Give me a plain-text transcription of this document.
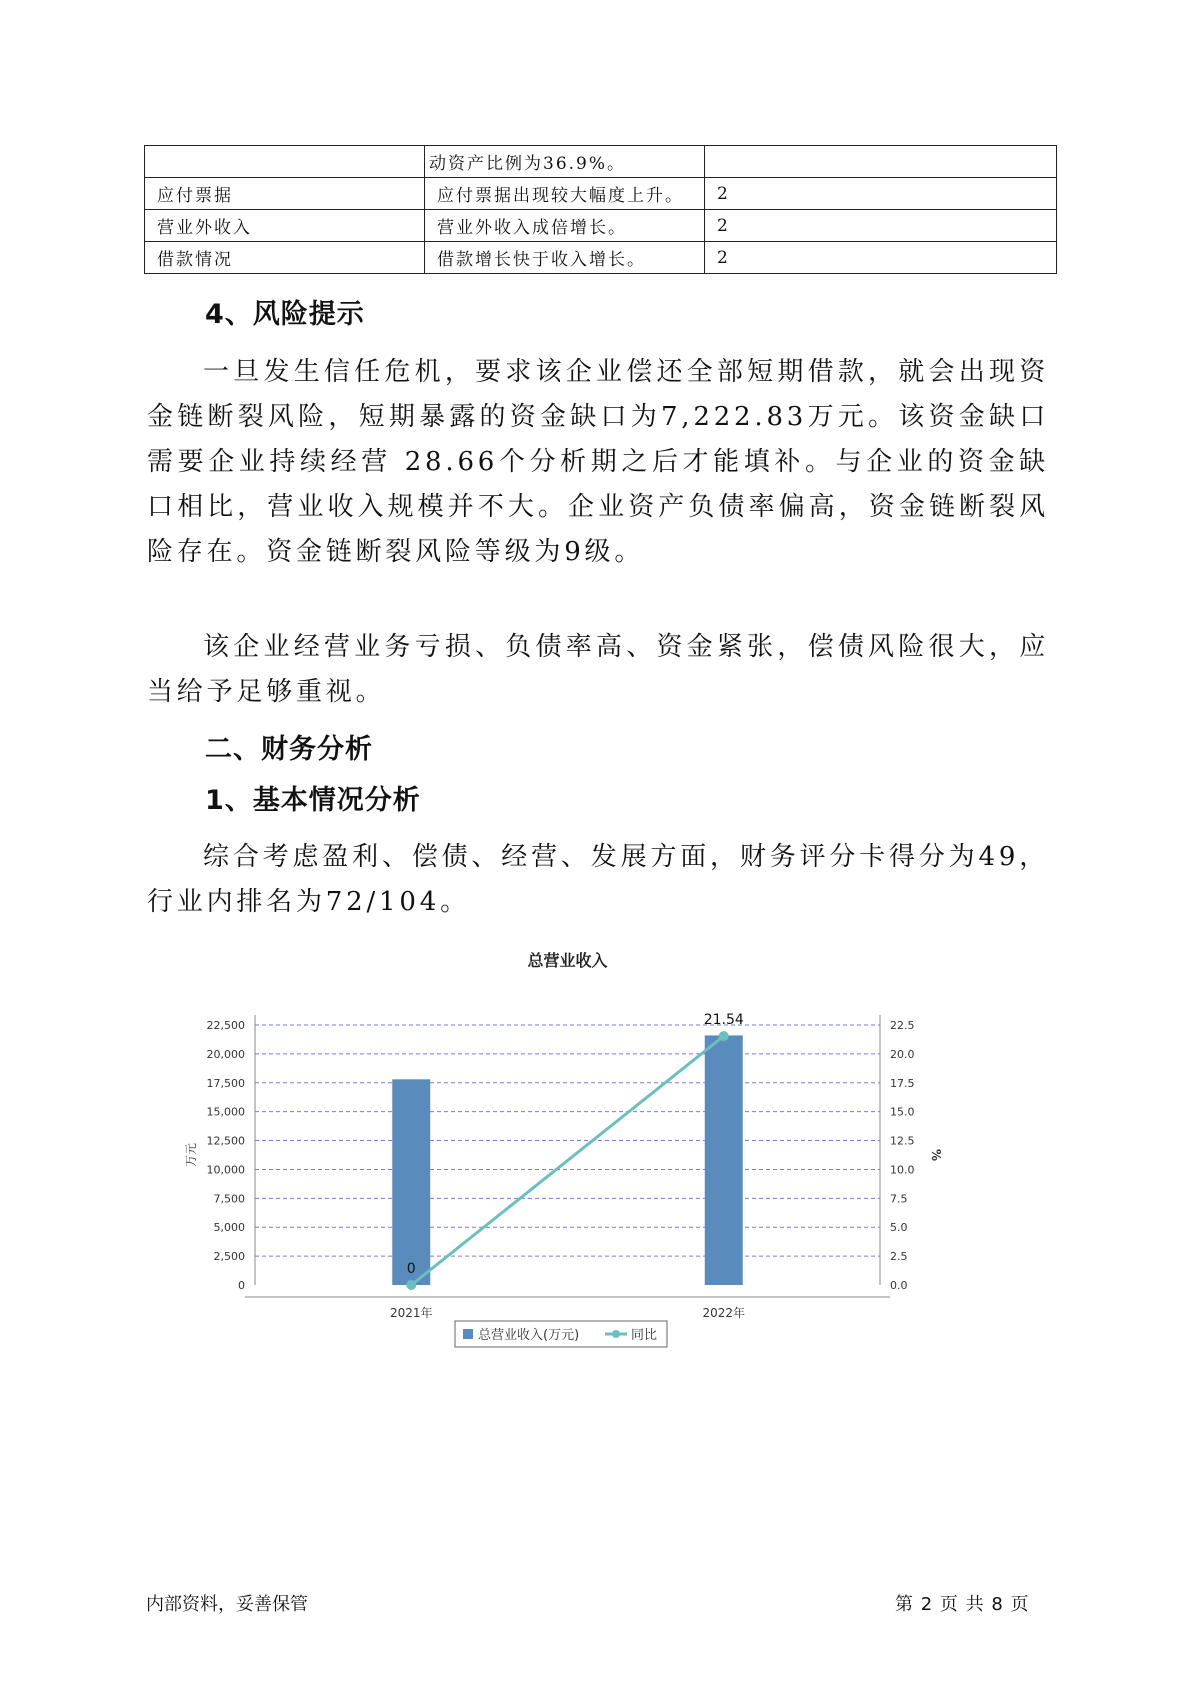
	动资产比例为36.9%。	
应付票据	应付票据出现较大幅度上升。	2
营业外收入	营业外收入成倍增长。	2
借款情况	借款增长快于收入增长。	2
4、风险提示

一旦发生信任危机，要求该企业偿还全部短期借款，就会出现资金链断裂风险，短期暴露的资金缺口为7,222.83万元。该资金缺口需要企业持续经营 28.66个分析期之后才能填补。与企业的资金缺口相比，营业收入规模并不大。企业资产负债率偏高，资金链断裂风险存在。资金链断裂风险等级为9级。

该企业经营业务亏损、负债率高、资金紧张，偿债风险很大，应当给予足够重视。

二、财务分析
1、基本情况分析

综合考虑盈利、偿债、经营、发展方面，财务评分卡得分为49，行业内排名为72/104。

总营业收入
0	0.0
2,500	2.5
5,000	5.0
7,500	7.5
10,000	10.0
12,500	12.5
15,000	15.0
17,500	17.5
20,000	20.0
22,500	22.5
万元	%
2021年	2022年
0
21.54
总营业收入(万元)	同比

内部资料，妥善保管	第 2 页 共 8 页
